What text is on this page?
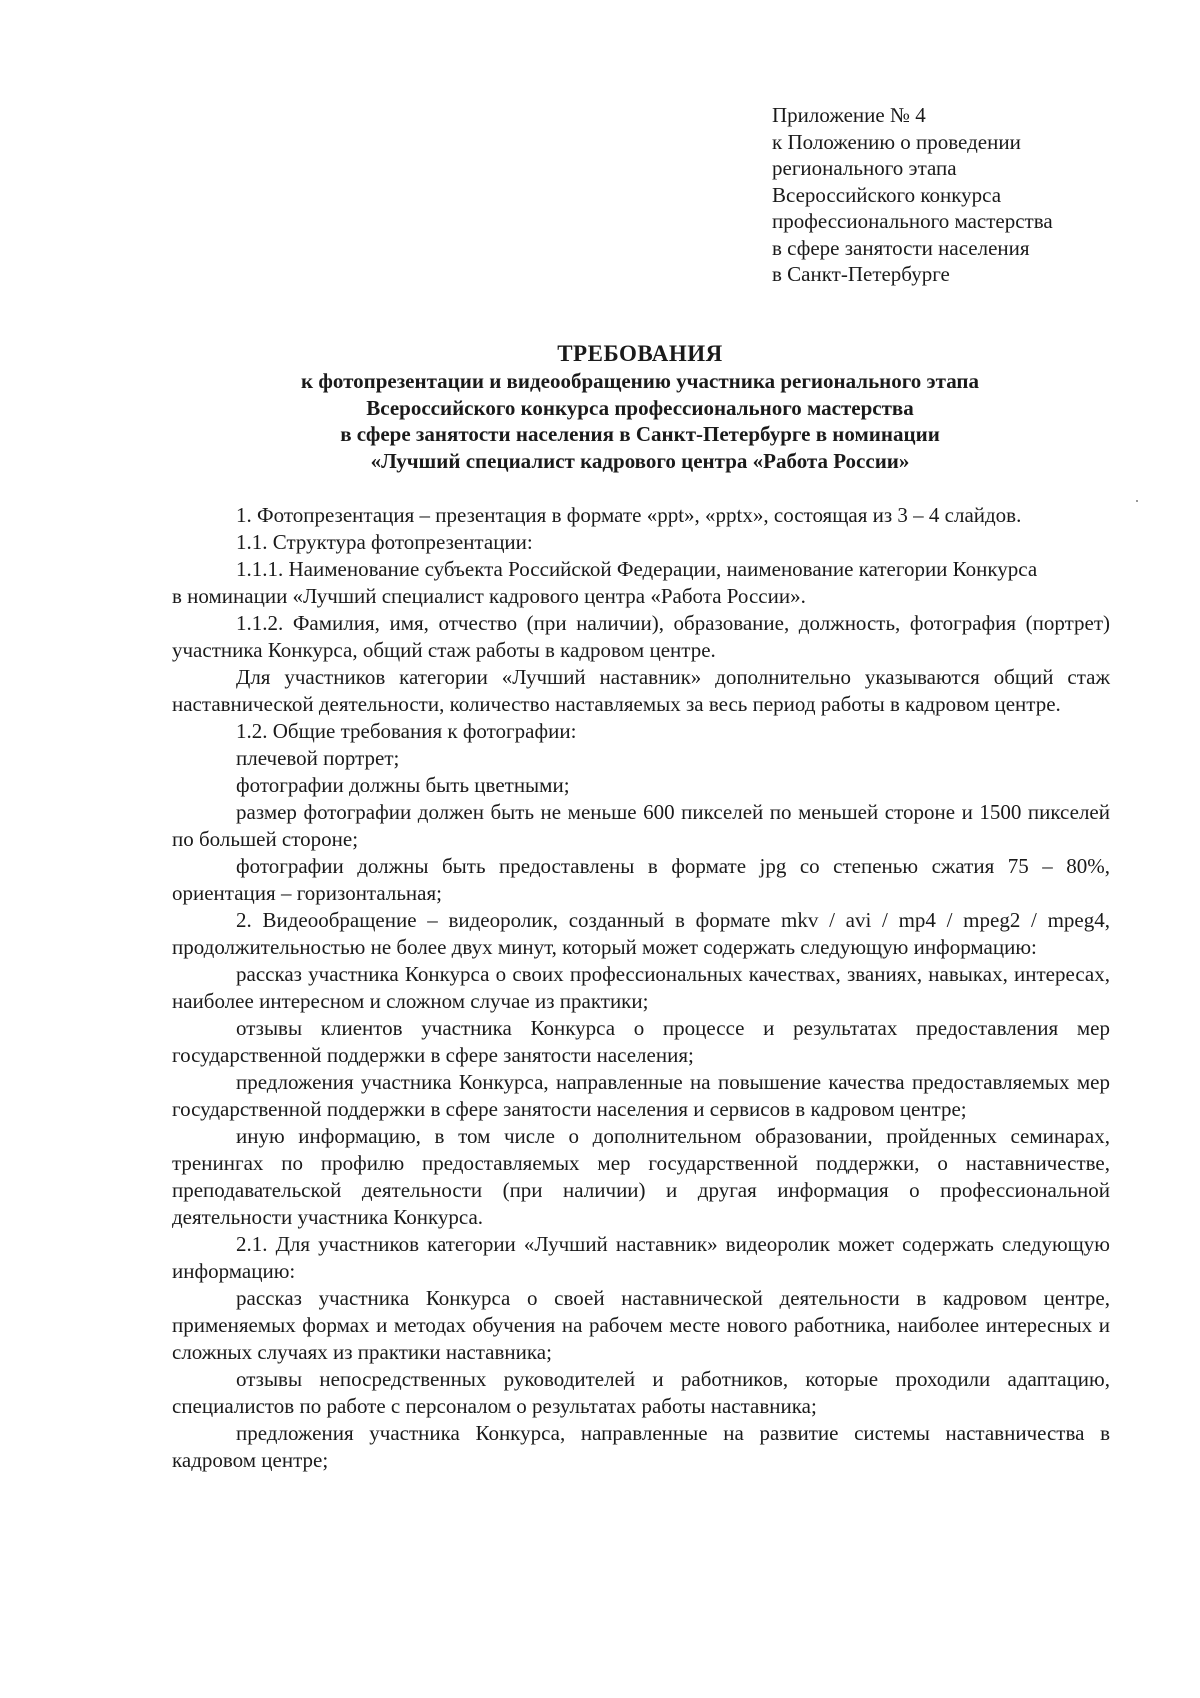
Приложение № 4
к Положению о проведении
регионального этапа
Всероссийского конкурса
профессионального мастерства
в сфере занятости населения
в Санкт-Петербурге
ТРЕБОВАНИЯ
к фотопрезентации и видеообращению участника регионального этапа
Всероссийского конкурса профессионального мастерства
в сфере занятости населения в Санкт-Петербурге в номинации
«Лучший специалист кадрового центра «Работа России»

1. Фотопрезентация – презентация в формате «ppt», «pptx», состоящая из 3 – 4 слайдов.

1.1. Структура фотопрезентации:

1.1.1. Наименование субъекта Российской Федерации, наименование категории Конкурса

в номинации «Лучший специалист кадрового центра «Работа России».

1.1.2. Фамилия, имя, отчество (при наличии), образование, должность, фотография (портрет) участника Конкурса, общий стаж работы в кадровом центре.

Для участников категории «Лучший наставник» дополнительно указываются общий стаж наставнической деятельности, количество наставляемых за весь период работы в кадровом центре.

1.2. Общие требования к фотографии:

плечевой портрет;

фотографии должны быть цветными;

размер фотографии должен быть не меньше 600 пикселей по меньшей стороне и 1500 пикселей по большей стороне;

фотографии должны быть предоставлены в формате jpg со степенью сжатия 75 – 80%, ориентация – горизонтальная;

2. Видеообращение – видеоролик, созданный в формате mkv / avi / mp4 / mpeg2 / mpeg4, продолжительностью не более двух минут, который может содержать следующую информацию:

рассказ участника Конкурса о своих профессиональных качествах, званиях, навыках, интересах, наиболее интересном и сложном случае из практики;

отзывы клиентов участника Конкурса о процессе и результатах предоставления мер государственной поддержки в сфере занятости населения;

предложения участника Конкурса, направленные на повышение качества предоставляемых мер государственной поддержки в сфере занятости населения и сервисов в кадровом центре;

иную информацию, в том числе о дополнительном образовании, пройденных семинарах, тренингах по профилю предоставляемых мер государственной поддержки, о наставничестве, преподавательской деятельности (при наличии) и другая информация о профессиональной деятельности участника Конкурса.

2.1. Для участников категории «Лучший наставник» видеоролик может содержать следующую информацию:

рассказ участника Конкурса о своей наставнической деятельности в кадровом центре, применяемых формах и методах обучения на рабочем месте нового работника, наиболее интересных и сложных случаях из практики наставника;

отзывы непосредственных руководителей и работников, которые проходили адаптацию, специалистов по работе с персоналом о результатах работы наставника;

предложения участника Конкурса, направленные на развитие системы наставничества в кадровом центре;
